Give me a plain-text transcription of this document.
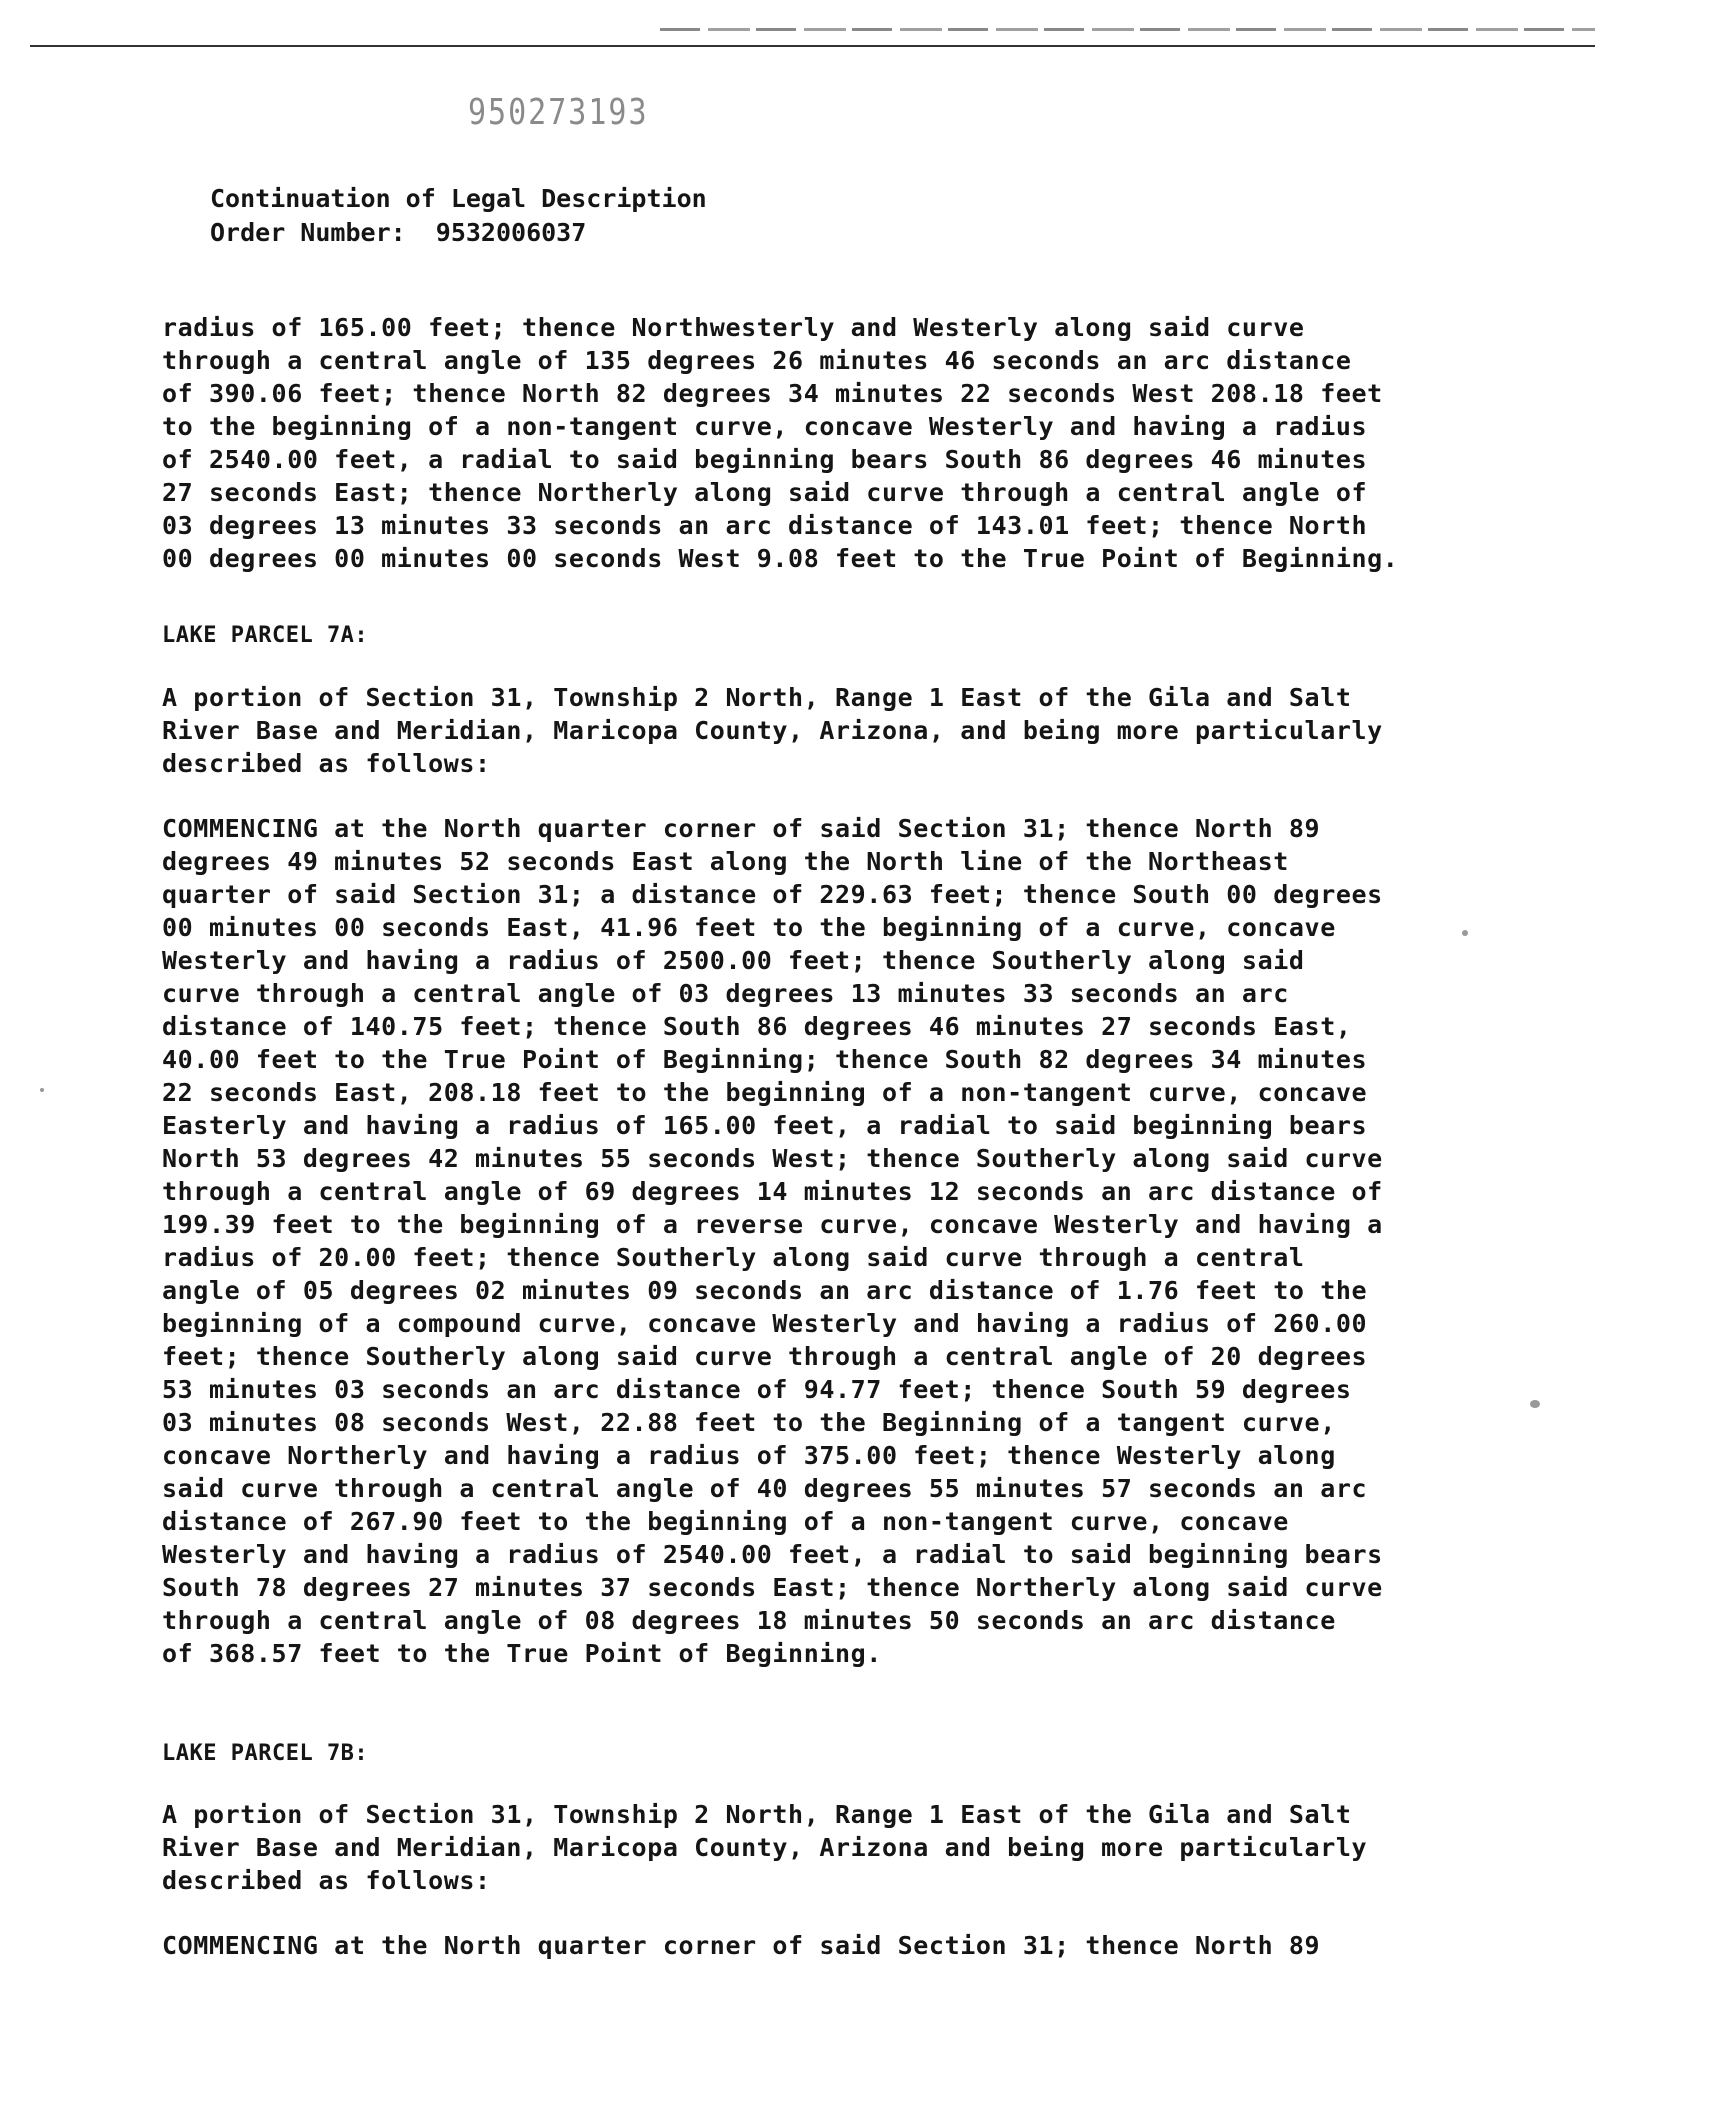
950273193
Continuation of Legal Description
Order Number:  9532006037
radius of 165.00 feet; thence Northwesterly and Westerly along said curve
through a central angle of 135 degrees 26 minutes 46 seconds an arc distance
of 390.06 feet; thence North 82 degrees 34 minutes 22 seconds West 208.18 feet
to the beginning of a non-tangent curve, concave Westerly and having a radius
of 2540.00 feet, a radial to said beginning bears South 86 degrees 46 minutes
27 seconds East; thence Northerly along said curve through a central angle of
03 degrees 13 minutes 33 seconds an arc distance of 143.01 feet; thence North
00 degrees 00 minutes 00 seconds West 9.08 feet to the True Point of Beginning.
LAKE PARCEL 7A:
A portion of Section 31, Township 2 North, Range 1 East of the Gila and Salt
River Base and Meridian, Maricopa County, Arizona, and being more particularly
described as follows:
COMMENCING at the North quarter corner of said Section 31; thence North 89
degrees 49 minutes 52 seconds East along the North line of the Northeast
quarter of said Section 31; a distance of 229.63 feet; thence South 00 degrees
00 minutes 00 seconds East, 41.96 feet to the beginning of a curve, concave
Westerly and having a radius of 2500.00 feet; thence Southerly along said
curve through a central angle of 03 degrees 13 minutes 33 seconds an arc
distance of 140.75 feet; thence South 86 degrees 46 minutes 27 seconds East,
40.00 feet to the True Point of Beginning; thence South 82 degrees 34 minutes
22 seconds East, 208.18 feet to the beginning of a non-tangent curve, concave
Easterly and having a radius of 165.00 feet, a radial to said beginning bears
North 53 degrees 42 minutes 55 seconds West; thence Southerly along said curve
through a central angle of 69 degrees 14 minutes 12 seconds an arc distance of
199.39 feet to the beginning of a reverse curve, concave Westerly and having a
radius of 20.00 feet; thence Southerly along said curve through a central
angle of 05 degrees 02 minutes 09 seconds an arc distance of 1.76 feet to the
beginning of a compound curve, concave Westerly and having a radius of 260.00
feet; thence Southerly along said curve through a central angle of 20 degrees
53 minutes 03 seconds an arc distance of 94.77 feet; thence South 59 degrees
03 minutes 08 seconds West, 22.88 feet to the Beginning of a tangent curve,
concave Northerly and having a radius of 375.00 feet; thence Westerly along
said curve through a central angle of 40 degrees 55 minutes 57 seconds an arc
distance of 267.90 feet to the beginning of a non-tangent curve, concave
Westerly and having a radius of 2540.00 feet, a radial to said beginning bears
South 78 degrees 27 minutes 37 seconds East; thence Northerly along said curve
through a central angle of 08 degrees 18 minutes 50 seconds an arc distance
of 368.57 feet to the True Point of Beginning.
LAKE PARCEL 7B:
A portion of Section 31, Township 2 North, Range 1 East of the Gila and Salt
River Base and Meridian, Maricopa County, Arizona and being more particularly
described as follows:
COMMENCING at the North quarter corner of said Section 31; thence North 89
